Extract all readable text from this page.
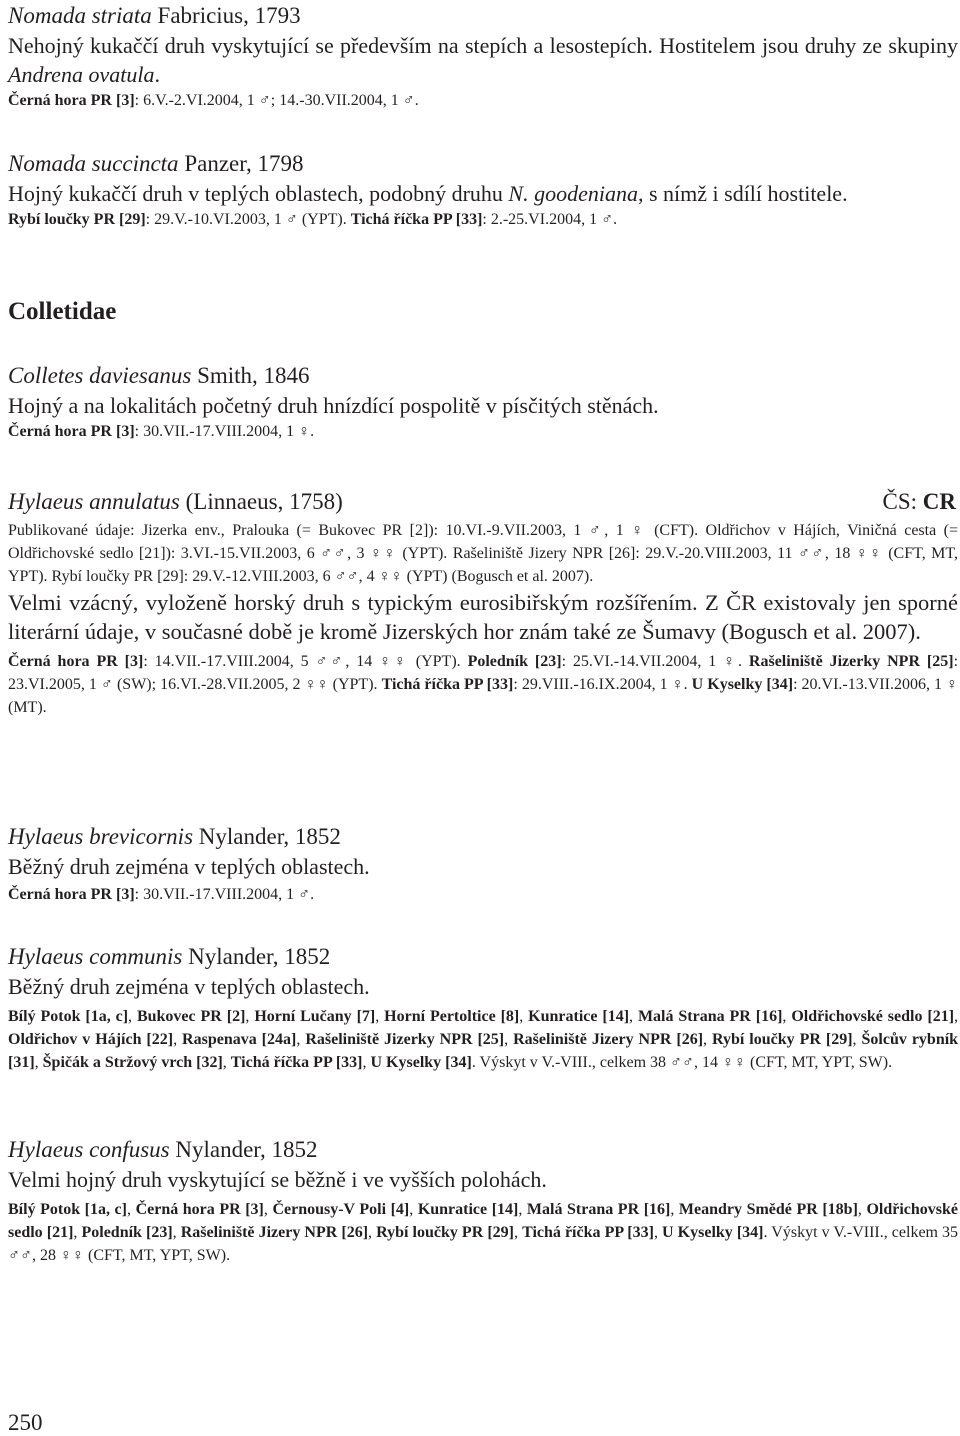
Nomada striata Fabricius, 1793
Nehojný kukaččí druh vyskytující se především na stepích a lesostepích. Hostitelem jsou druhy ze skupiny Andrena ovatula.
Černá hora PR [3]: 6.V.-2.VI.2004, 1 ♂; 14.-30.VII.2004, 1 ♂.
Nomada succincta Panzer, 1798
Hojný kukaččí druh v teplých oblastech, podobný druhu N. goodeniana, s nímž i sdílí hostitele.
Rybí loučky PR [29]: 29.V.-10.VI.2003, 1 ♂ (YPT). Tichá říčka PP [33]: 2.-25.VI.2004, 1 ♂.
Colletidae
Colletes daviesanus Smith, 1846
Hojný a na lokalitách početný druh hnízdící pospolitě v písčitých stěnách.
Černá hora PR [3]: 30.VII.-17.VIII.2004, 1 ♀.
Hylaeus annulatus (Linnaeus, 1758)	ČS: CR
Publikované údaje: Jizerka env., Pralouka (= Bukovec PR [2]): 10.VI.-9.VII.2003, 1 ♂, 1 ♀ (CFT). Oldřichov v Hájích, Viničná cesta (= Oldřichovské sedlo [21]): 3.VI.-15.VII.2003, 6 ♂♂, 3 ♀♀ (YPT). Rašeliniště Jizery NPR [26]: 29.V.-20.VIII.2003, 11 ♂♂, 18 ♀♀ (CFT, MT, YPT). Rybí loučky PR [29]: 29.V.-12.VIII.2003, 6 ♂♂, 4 ♀♀ (YPT) (Bogusch et al. 2007).
Velmi vzácný, vyloženě horský druh s typickým eurosibiřským rozšířením. Z ČR existovaly jen sporné literární údaje, v současné době je kromě Jizerských hor znám také ze Šumavy (Bogusch et al. 2007).
Černá hora PR [3]: 14.VII.-17.VIII.2004, 5 ♂♂, 14 ♀♀ (YPT). Poledník [23]: 25.VI.-14.VII.2004, 1 ♀. Rašeliniště Jizerky NPR [25]: 23.VI.2005, 1 ♂ (SW); 16.VI.-28.VII.2005, 2 ♀♀ (YPT). Tichá říčka PP [33]: 29.VIII.-16.IX.2004, 1 ♀. U Kyselky [34]: 20.VI.-13.VII.2006, 1 ♀ (MT).
Hylaeus brevicornis Nylander, 1852
Běžný druh zejména v teplých oblastech.
Černá hora PR [3]: 30.VII.-17.VIII.2004, 1 ♂.
Hylaeus communis Nylander, 1852
Běžný druh zejména v teplých oblastech.
Bílý Potok [1a, c], Bukovec PR [2], Horní Lučany [7], Horní Pertoltice [8], Kunratice [14], Malá Strana PR [16], Oldřichovské sedlo [21], Oldřichov v Hájích [22], Raspenava [24a], Rašeliniště Jizerky NPR [25], Rašeliniště Jizery NPR [26], Rybí loučky PR [29], Šolcův rybník [31], Špičák a Stržový vrch [32], Tichá říčka PP [33], U Kyselky [34]. Výskyt v V.-VIII., celkem 38 ♂♂, 14 ♀♀ (CFT, MT, YPT, SW).
Hylaeus confusus Nylander, 1852
Velmi hojný druh vyskytující se běžně i ve vyšších polohách.
Bílý Potok [1a, c], Černá hora PR [3], Černousy-V Poli [4], Kunratice [14], Malá Strana PR [16], Meandry Smědé PR [18b], Oldřichovské sedlo [21], Poledník [23], Rašeliniště Jizery NPR [26], Rybí loučky PR [29], Tichá říčka PP [33], U Kyselky [34]. Výskyt v V.-VIII., celkem 35 ♂♂, 28 ♀♀ (CFT, MT, YPT, SW).
250
